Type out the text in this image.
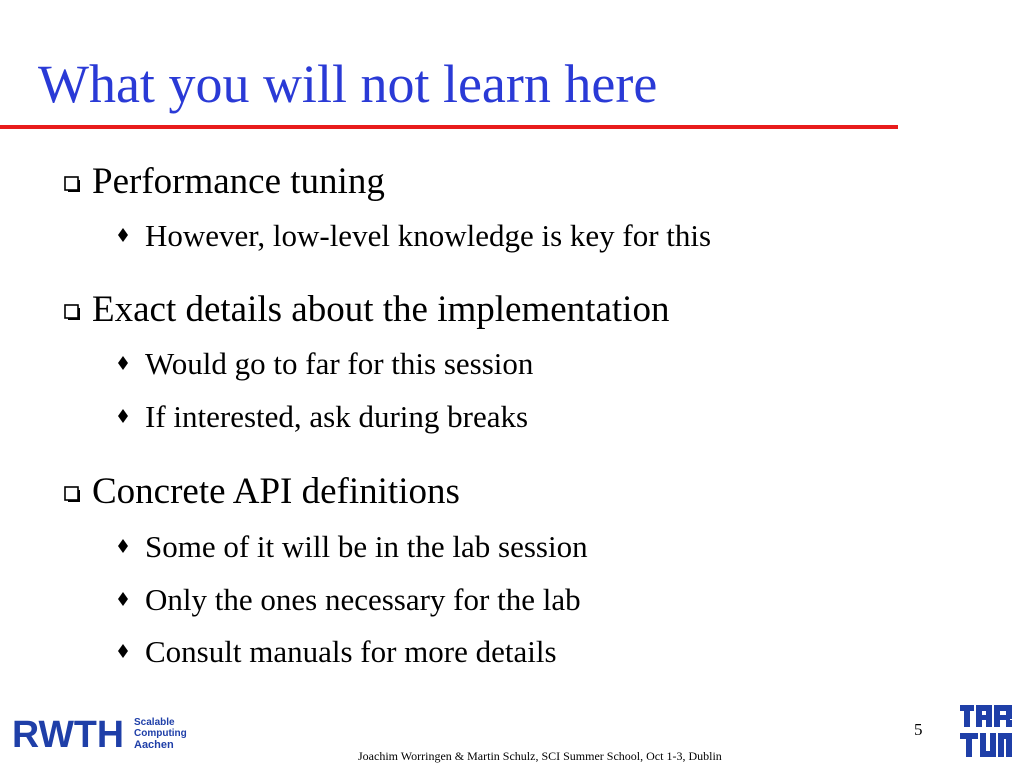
What you will not learn here
Performance tuning
However, low-level knowledge is key for this
Exact details about the implementation
Would go to far for this session
If interested, ask during breaks
Concrete API definitions
Some of it will be in the lab session
Only the ones necessary for the lab
Consult manuals for more details
RWTH Scalable
Computing
Aachen
5
Joachim Worringen & Martin Schulz, SCI Summer School, Oct 1-3, Dublin
